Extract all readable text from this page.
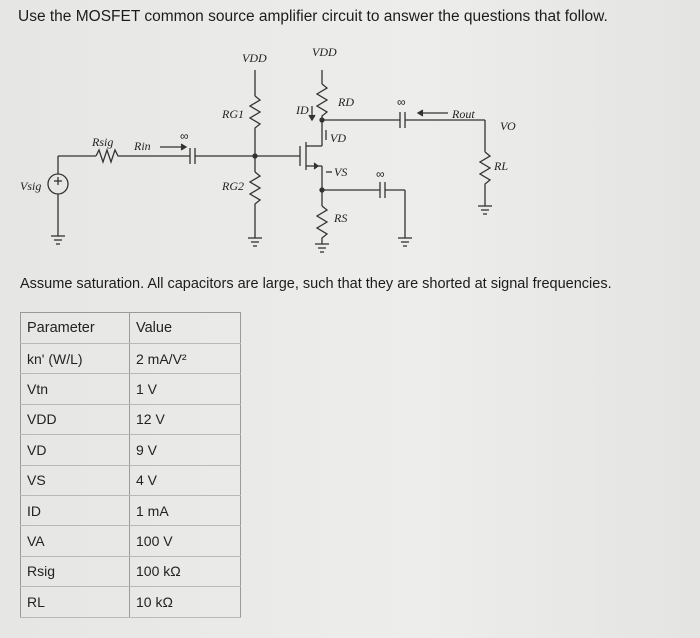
Use the MOSFET common source amplifier circuit to answer the questions that follow.
VDD	VDD
RG1
RG2
RD
ID
VD
VS
RS
Rsig Rin
Rout
VO
RL
Vsig
∞
∞
∞
Assume saturation. All capacitors are large, such that they are shorted at signal frequencies.
Parameter	Value
kn' (W/L)	2 mA/V²
Vtn	1 V
VDD	12 V
VD	9 V
VS	4 V
ID	1 mA
VA	100 V
Rsig	100 kΩ
RL	10 kΩ
